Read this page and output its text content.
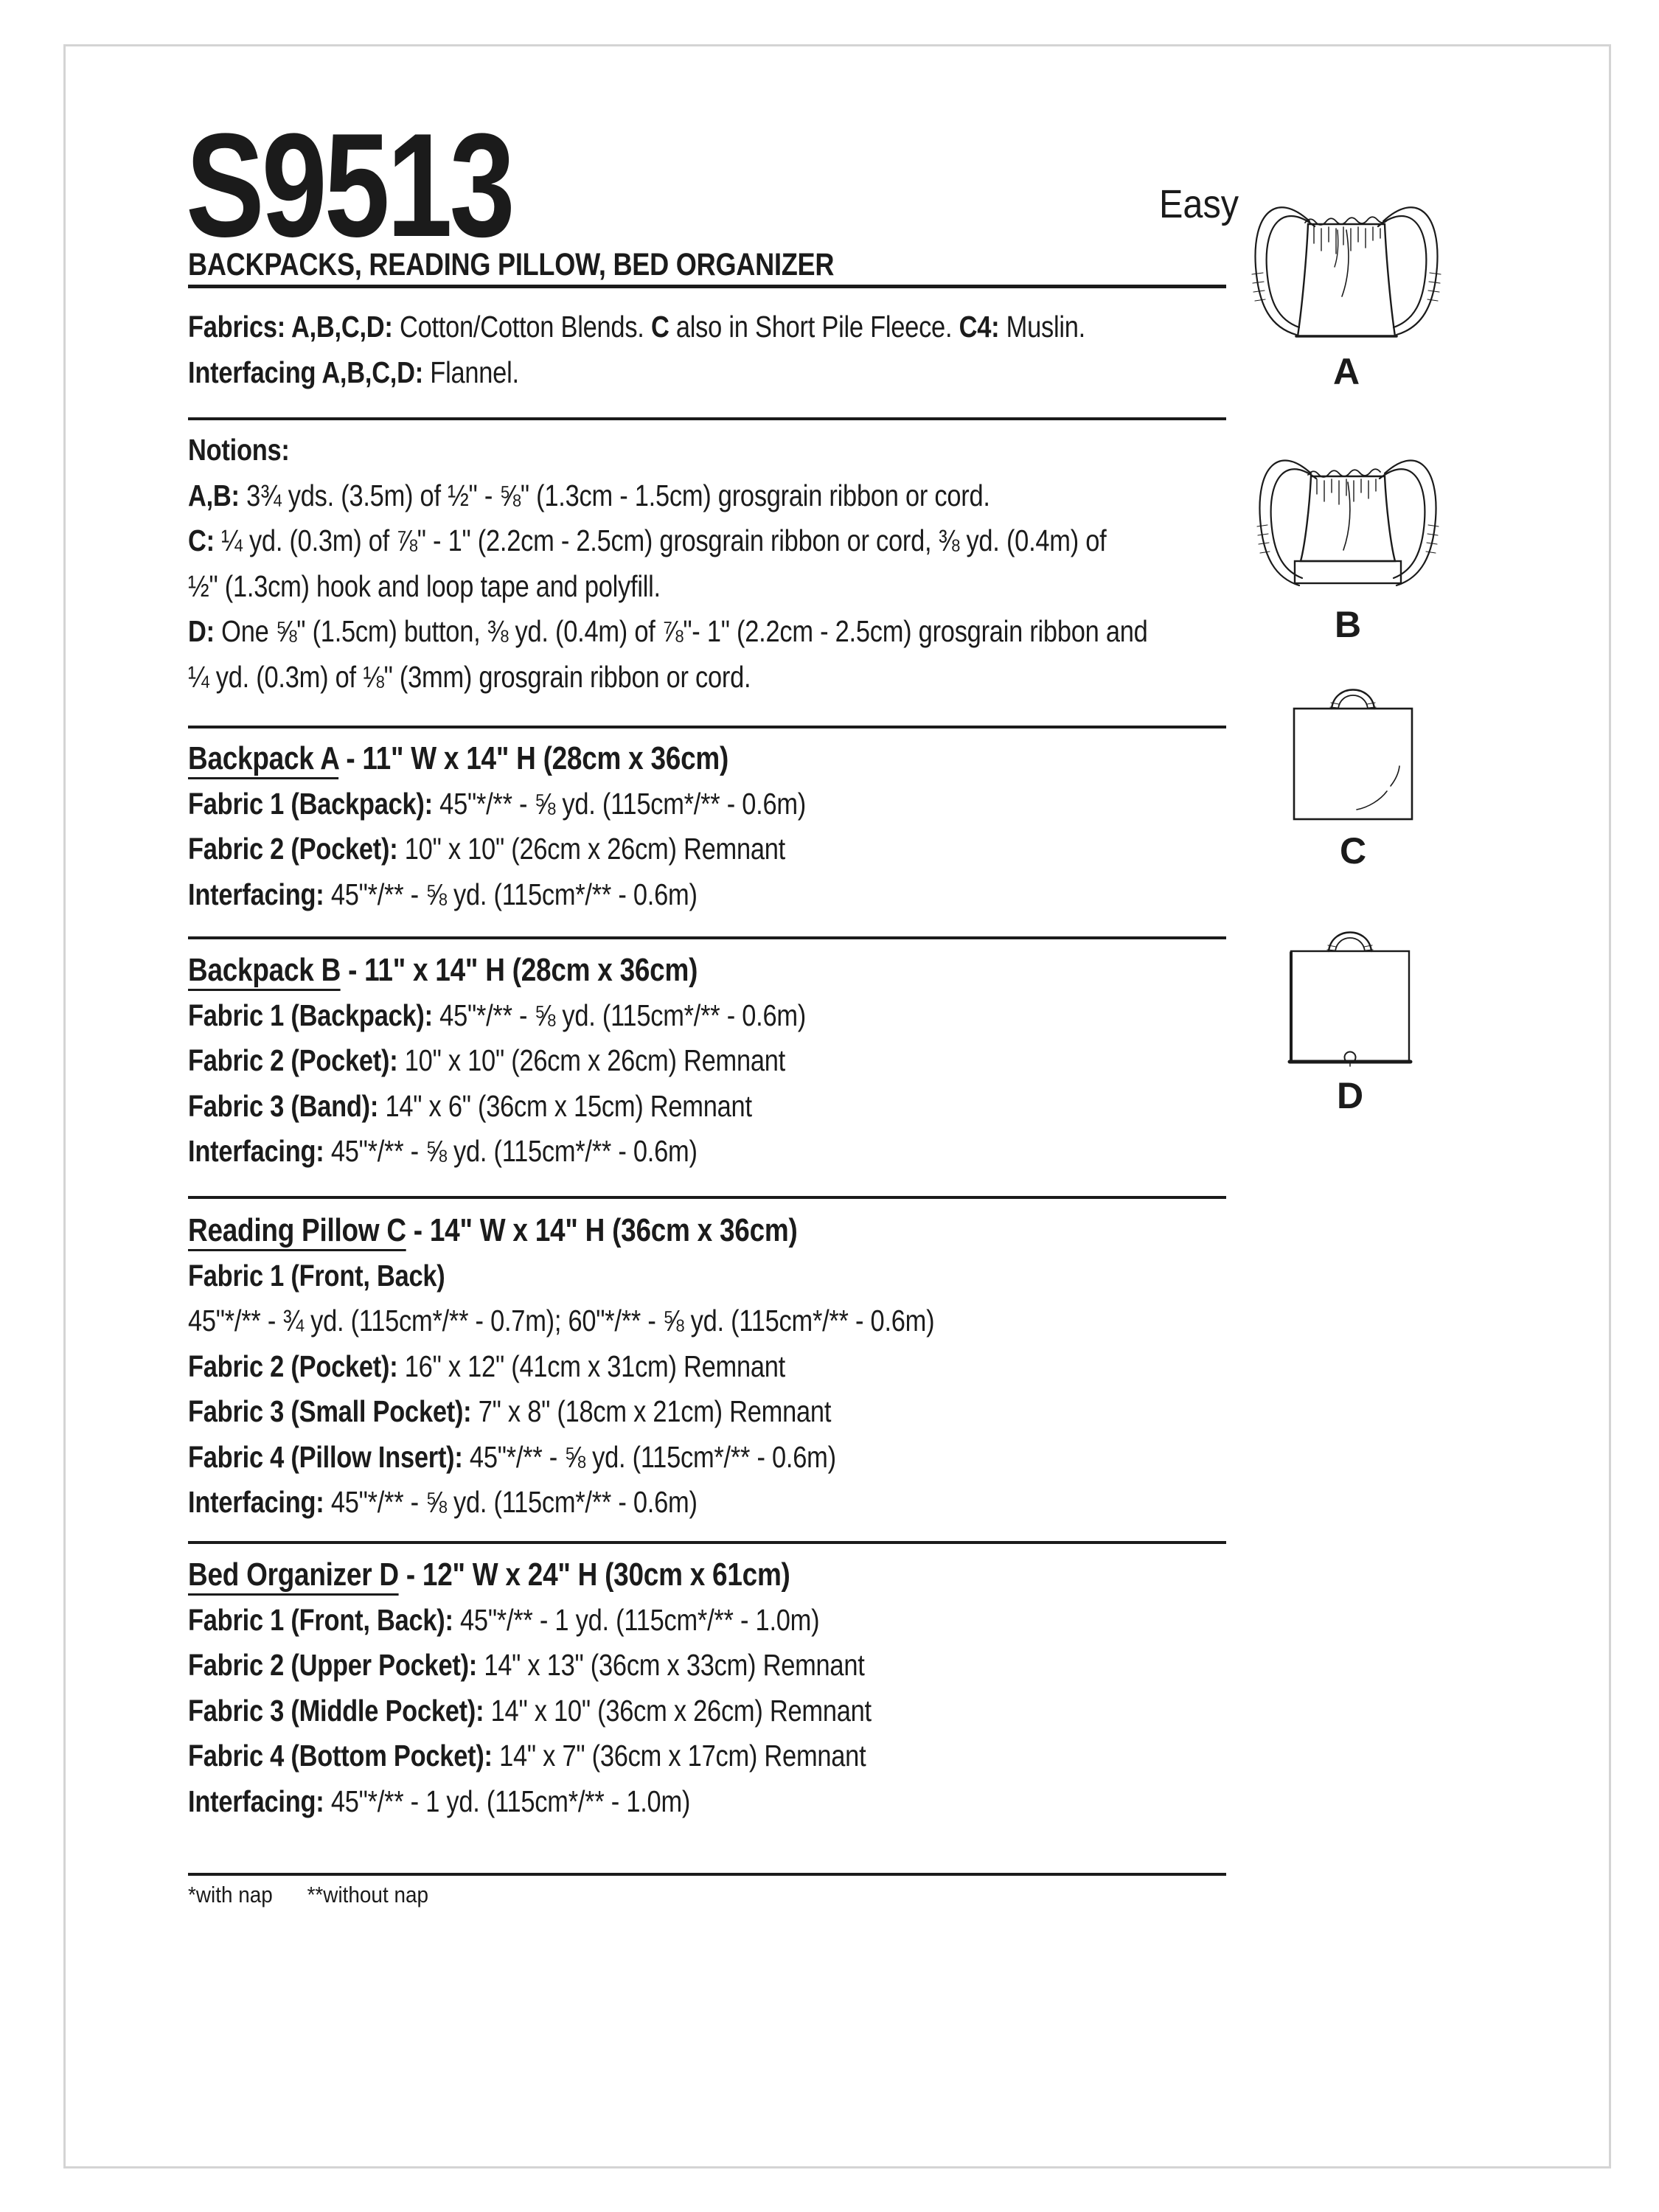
S9513	Easy
BACKPACKS, READING PILLOW, BED ORGANIZER
Fabrics: A,B,C,D: Cotton/Cotton Blends. C also in Short Pile Fleece. C4: Muslin.
Interfacing A,B,C,D: Flannel.
Notions:
A,B: 3¾ yds. (3.5m) of ½" - ⅝" (1.3cm - 1.5cm) grosgrain ribbon or cord.
C: ¼ yd. (0.3m) of ⅞" - 1" (2.2cm - 2.5cm) grosgrain ribbon or cord, ⅜ yd. (0.4m) of
½" (1.3cm) hook and loop tape and polyfill.
D: One ⅝" (1.5cm) button, ⅜ yd. (0.4m) of ⅞"- 1" (2.2cm - 2.5cm) grosgrain ribbon and
¼ yd. (0.3m) of ⅛" (3mm) grosgrain ribbon or cord.
Backpack A - 11" W x 14" H (28cm x 36cm)
Fabric 1 (Backpack): 45"*/** - ⅝ yd. (115cm*/** - 0.6m)
Fabric 2 (Pocket): 10" x 10" (26cm x 26cm) Remnant
Interfacing: 45"*/** - ⅝ yd. (115cm*/** - 0.6m)
Backpack B - 11" x 14" H (28cm x 36cm)
Fabric 1 (Backpack): 45"*/** - ⅝ yd. (115cm*/** - 0.6m)
Fabric 2 (Pocket): 10" x 10" (26cm x 26cm) Remnant
Fabric 3 (Band): 14" x 6" (36cm x 15cm) Remnant
Interfacing: 45"*/** - ⅝ yd. (115cm*/** - 0.6m)
Reading Pillow C - 14" W x 14" H (36cm x 36cm)
Fabric 1 (Front, Back)
45"*/** - ¾ yd. (115cm*/** - 0.7m); 60"*/** - ⅝ yd. (115cm*/** - 0.6m)
Fabric 2 (Pocket): 16" x 12" (41cm x 31cm) Remnant
Fabric 3 (Small Pocket): 7" x 8" (18cm x 21cm) Remnant
Fabric 4 (Pillow Insert): 45"*/** - ⅝ yd. (115cm*/** - 0.6m)
Interfacing: 45"*/** - ⅝ yd. (115cm*/** - 0.6m)
Bed Organizer D - 12" W x 24" H (30cm x 61cm)
Fabric 1 (Front, Back): 45"*/** - 1 yd. (115cm*/** - 1.0m)
Fabric 2 (Upper Pocket): 14" x 13" (36cm x 33cm) Remnant
Fabric 3 (Middle Pocket): 14" x 10" (36cm x 26cm) Remnant
Fabric 4 (Bottom Pocket): 14" x 7" (36cm x 17cm) Remnant
Interfacing: 45"*/** - 1 yd. (115cm*/** - 1.0m)
*with nap **without nap
A
B
C
D
